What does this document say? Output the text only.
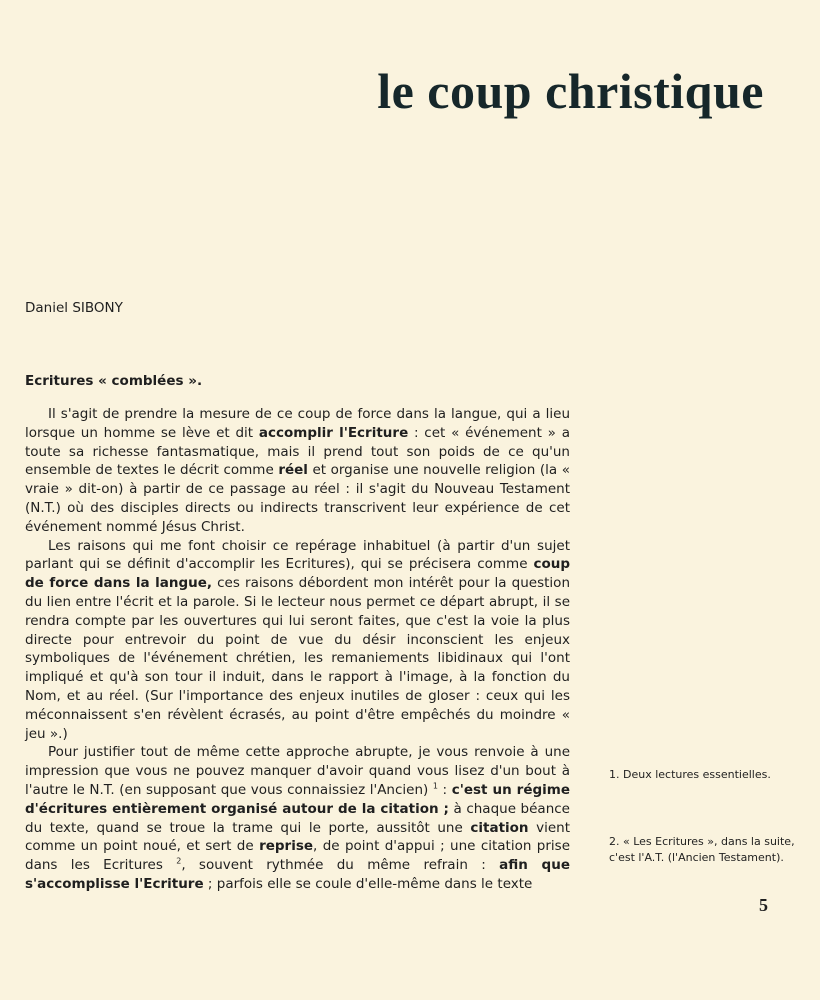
le coup christique
Daniel SIBONY
Ecritures « comblées ».

Il s'agit de prendre la mesure de ce coup de force dans la langue, qui a lieu lorsque un homme se lève et dit accomplir l'Ecriture : cet « événement » a toute sa richesse fantasmatique, mais il prend tout son poids de ce qu'un ensemble de textes le décrit comme réel et organise une nouvelle religion (la « vraie » dit-on) à partir de ce passage au réel : il s'agit du Nouveau Testament (N.T.) où des disciples directs ou indirects transcrivent leur expérience de cet événement nommé Jésus Christ.

Les raisons qui me font choisir ce repérage inhabituel (à partir d'un sujet parlant qui se définit d'accomplir les Ecritures), qui se précisera comme coup de force dans la langue, ces raisons débordent mon intérêt pour la question du lien entre l'écrit et la parole. Si le lecteur nous permet ce départ abrupt, il se rendra compte par les ouvertures qui lui seront faites, que c'est la voie la plus directe pour entrevoir du point de vue du désir inconscient les enjeux symboliques de l'événement chrétien, les remaniements libidinaux qui l'ont impliqué et qu'à son tour il induit, dans le rapport à l'image, à la fonction du Nom, et au réel. (Sur l'importance des enjeux inutiles de gloser : ceux qui les méconnaissent s'en révèlent écrasés, au point d'être empêchés du moindre « jeu ».)

Pour justifier tout de même cette approche abrupte, je vous renvoie à une impression que vous ne pouvez manquer d'avoir quand vous lisez d'un bout à l'autre le N.T. (en supposant que vous connaissiez l'Ancien) $^1$ : c'est un régime d'écritures entièrement organisé autour de la citation ; à chaque béance du texte, quand se troue la trame qui le porte, aussitôt une citation vient comme un point noué, et sert de reprise, de point d'appui ; une citation prise dans les Ecritures $^2$, souvent rythmée du même refrain : afin que s'accomplisse l'Ecriture ; parfois elle se coule d'elle-même dans le texte

1. Deux lectures essentielles.
2. « Les Ecritures », dans la suite, c'est l'A.T. (l'Ancien Testament).
5
